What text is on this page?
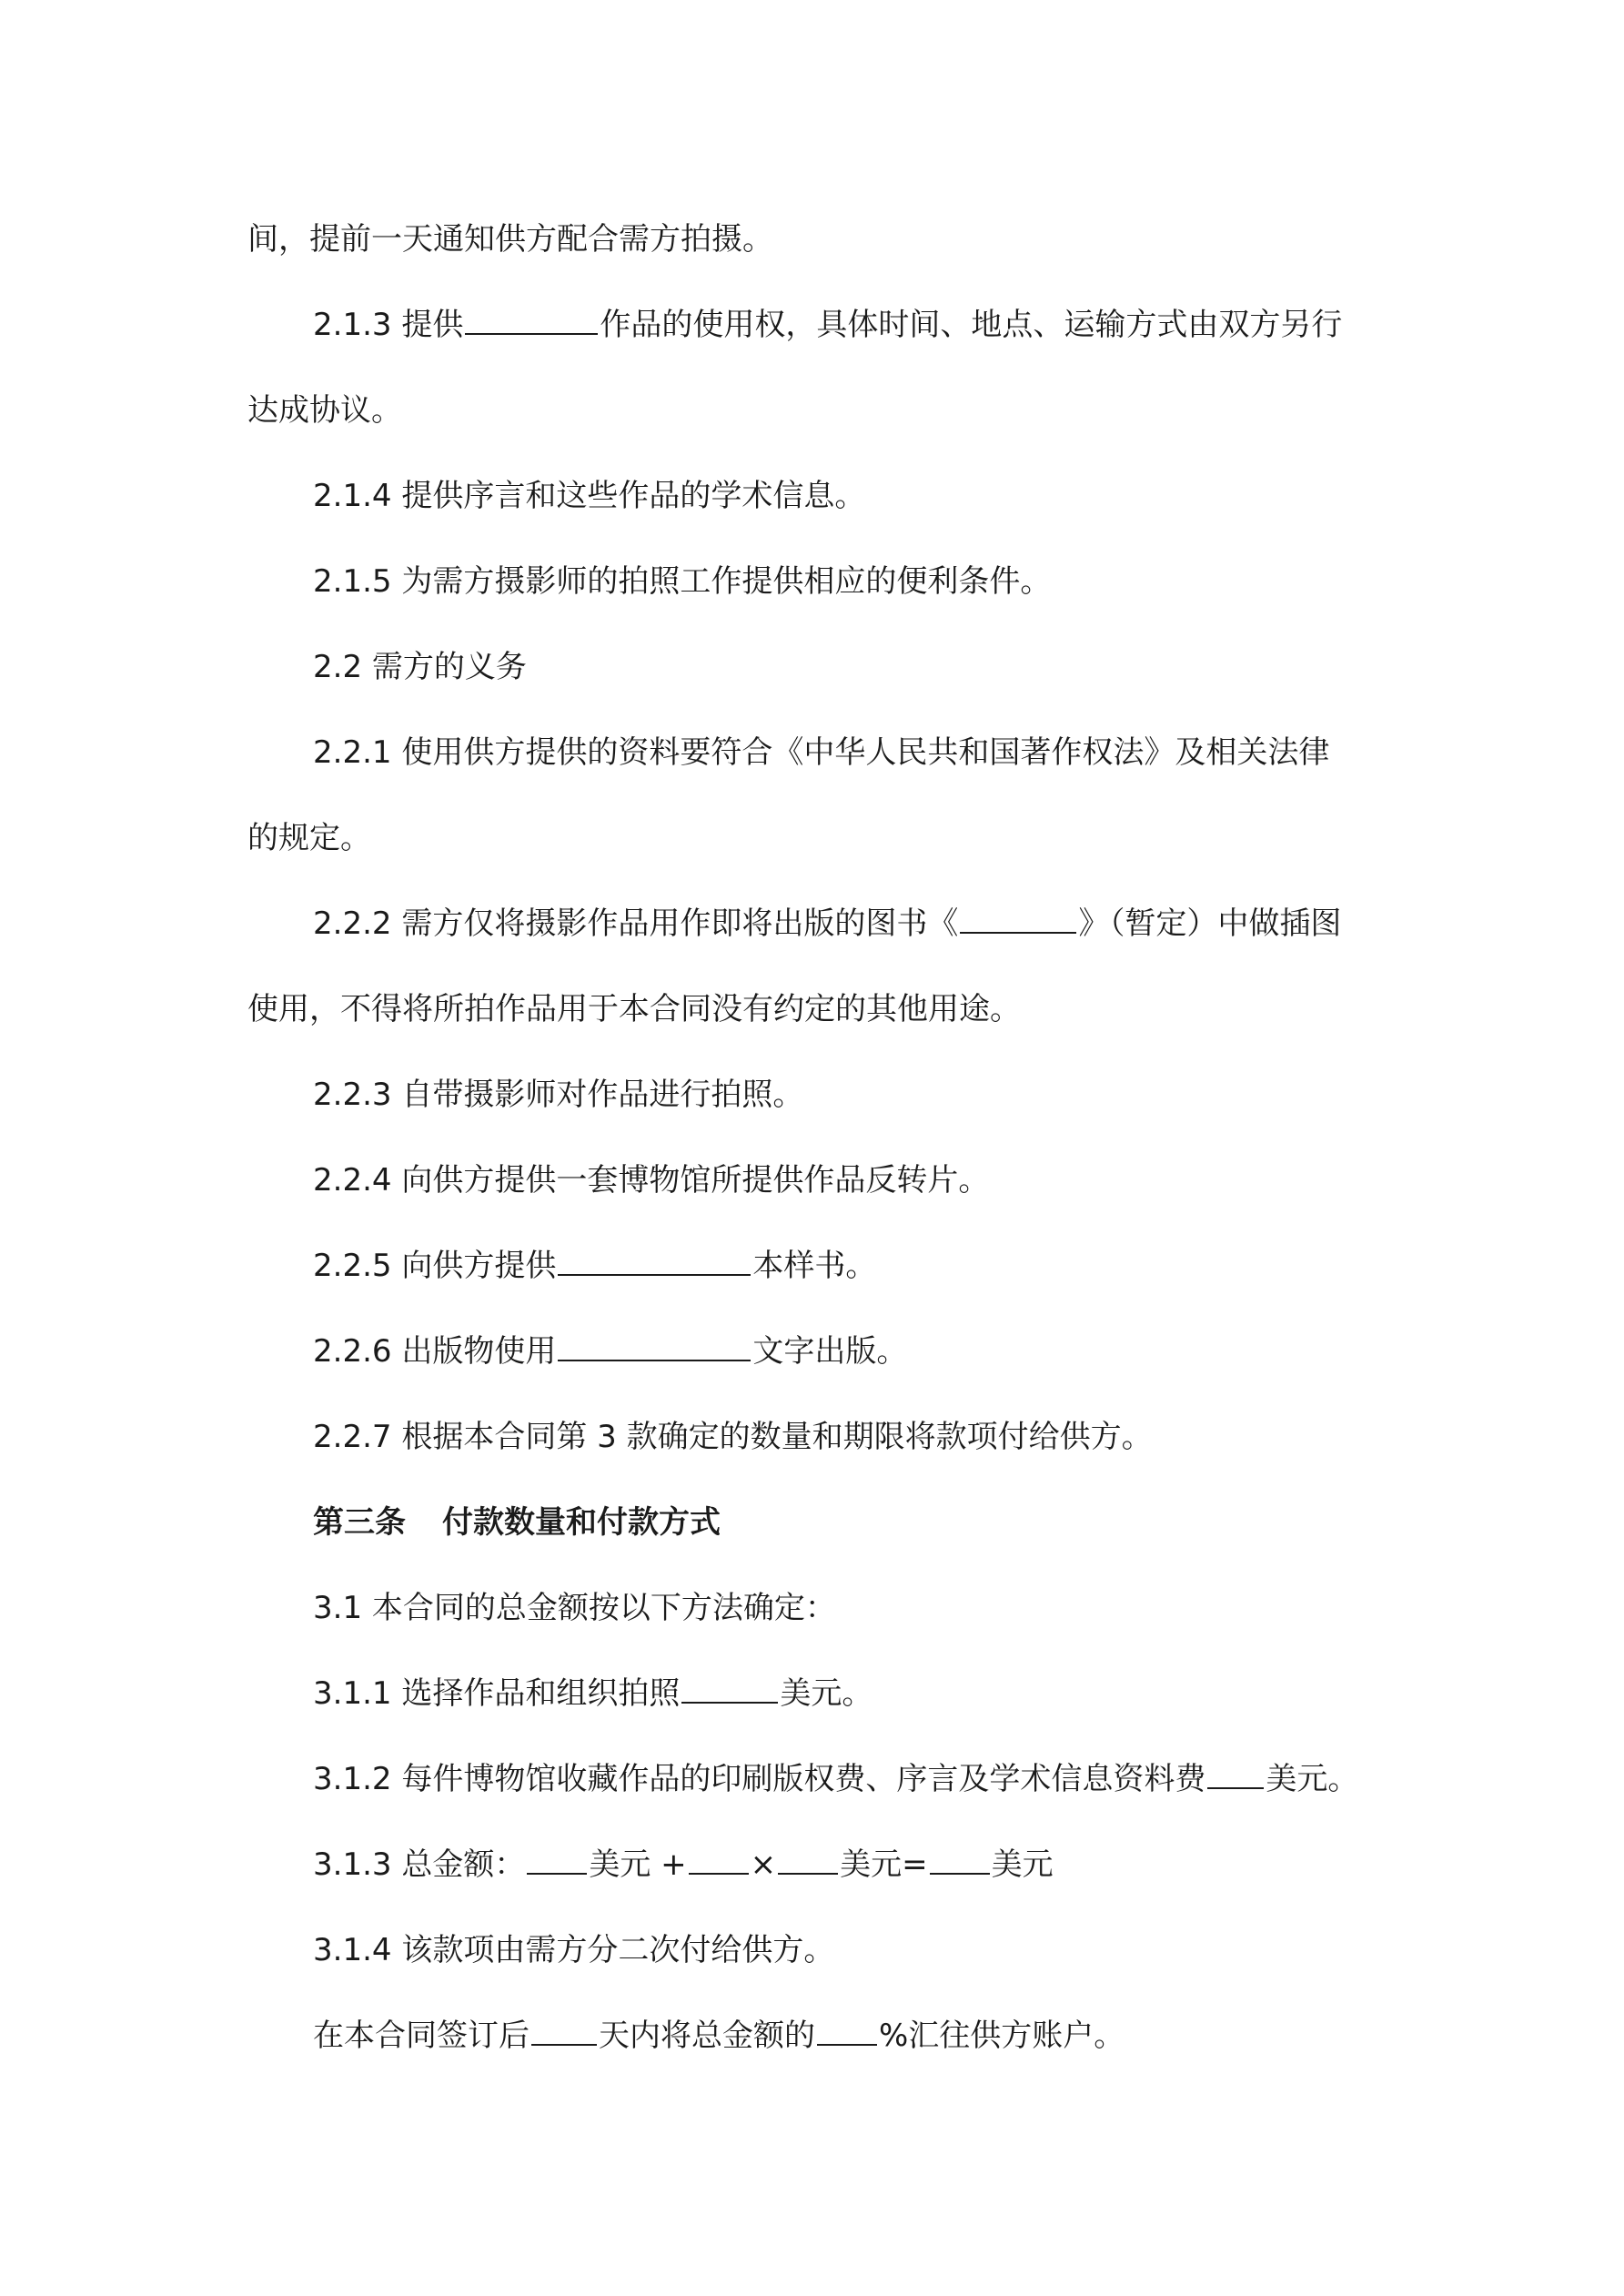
间，提前一天通知供方配合需方拍摄。
2.1.3 提供	作品的使用权，具体时间、地点、运输方式由双方另行
达成协议。
2.1.4 提供序言和这些作品的学术信息。
2.1.5 为需方摄影师的拍照工作提供相应的便利条件。
2.2 需方的义务
2.2.1 使用供方提供的资料要符合《中华人民共和国著作权法》及相关法律
的规定。
2.2.2 需方仅将摄影作品用作即将出版的图书《	》（暂定）中做插图
使用，不得将所拍作品用于本合同没有约定的其他用途。
2.2.3 自带摄影师对作品进行拍照。
2.2.4 向供方提供一套博物馆所提供作品反转片。
2.2.5 向供方提供	本样书。
2.2.6 出版物使用	文字出版。
2.2.7 根据本合同第 3 款确定的数量和期限将款项付给供方。
第三条 付款数量和付款方式
3.1 本合同的总金额按以下方法确定：
3.1.1 选择作品和组织拍照	美元。
3.1.2 每件博物馆收藏作品的印刷版权费、序言及学术信息资料费 美元。
3.1.3 总金额： 美元 + × 美元= 美元
3.1.4 该款项由需方分二次付给供方。
在本合同签订后 天内将总金额的 %汇往供方账户。
